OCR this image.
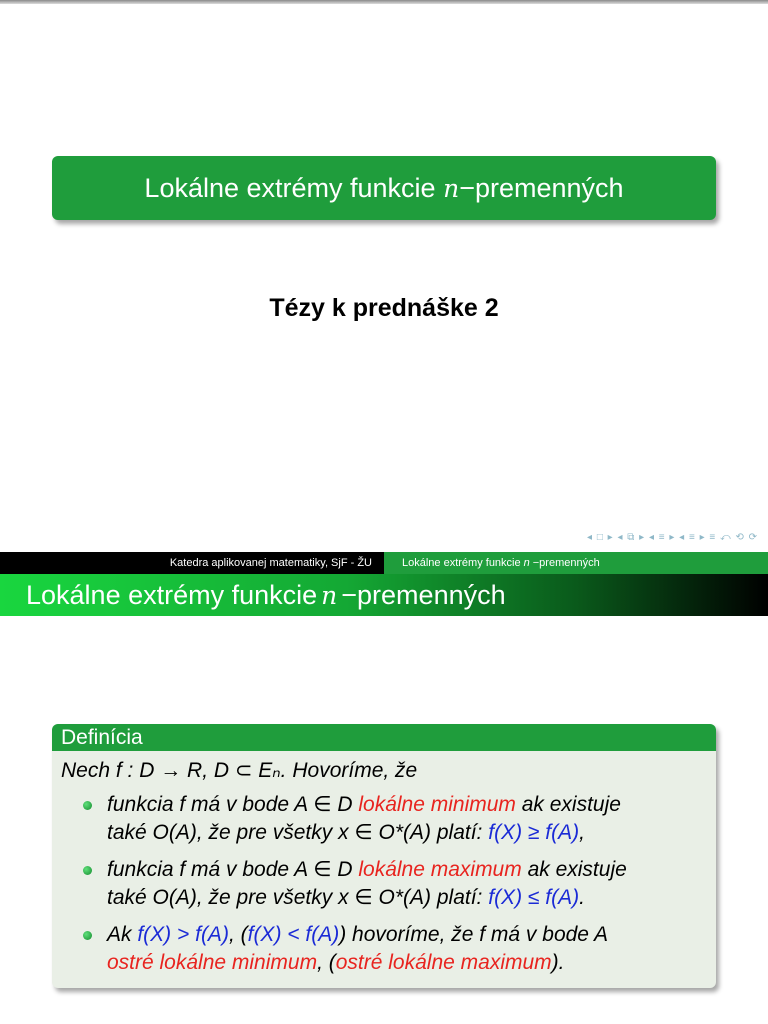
Lokálne extrémy funkcie
n −premenných
Tézy k prednáške 2
◂ □ ▸ ◂ ⧉ ▸ ◂ ≡ ▸ ◂ ≡ ▸ ≡ ⤺ ⟲ ⟳
Katedra aplikovanej matematiky, SjF - ŽU	Lokálne extrémy funkcie n −premenných
Lokálne extrémy funkcie n −premenných
Definícia
Nech f : D → R, D ⊂ Eₙ. Hovoríme, že
funkcia f má v bode A ∈ D lokálne minimum ak existuje
také O(A), že pre všetky x ∈ O*(A) platí: f(X) ≥ f(A),
funkcia f má v bode A ∈ D lokálne maximum ak existuje
také O(A), že pre všetky x ∈ O*(A) platí: f(X) ≤ f(A).
Ak f(X) > f(A), (f(X) < f(A)) hovoríme, že f má v bode A
ostré lokálne minimum, (ostré lokálne maximum).
